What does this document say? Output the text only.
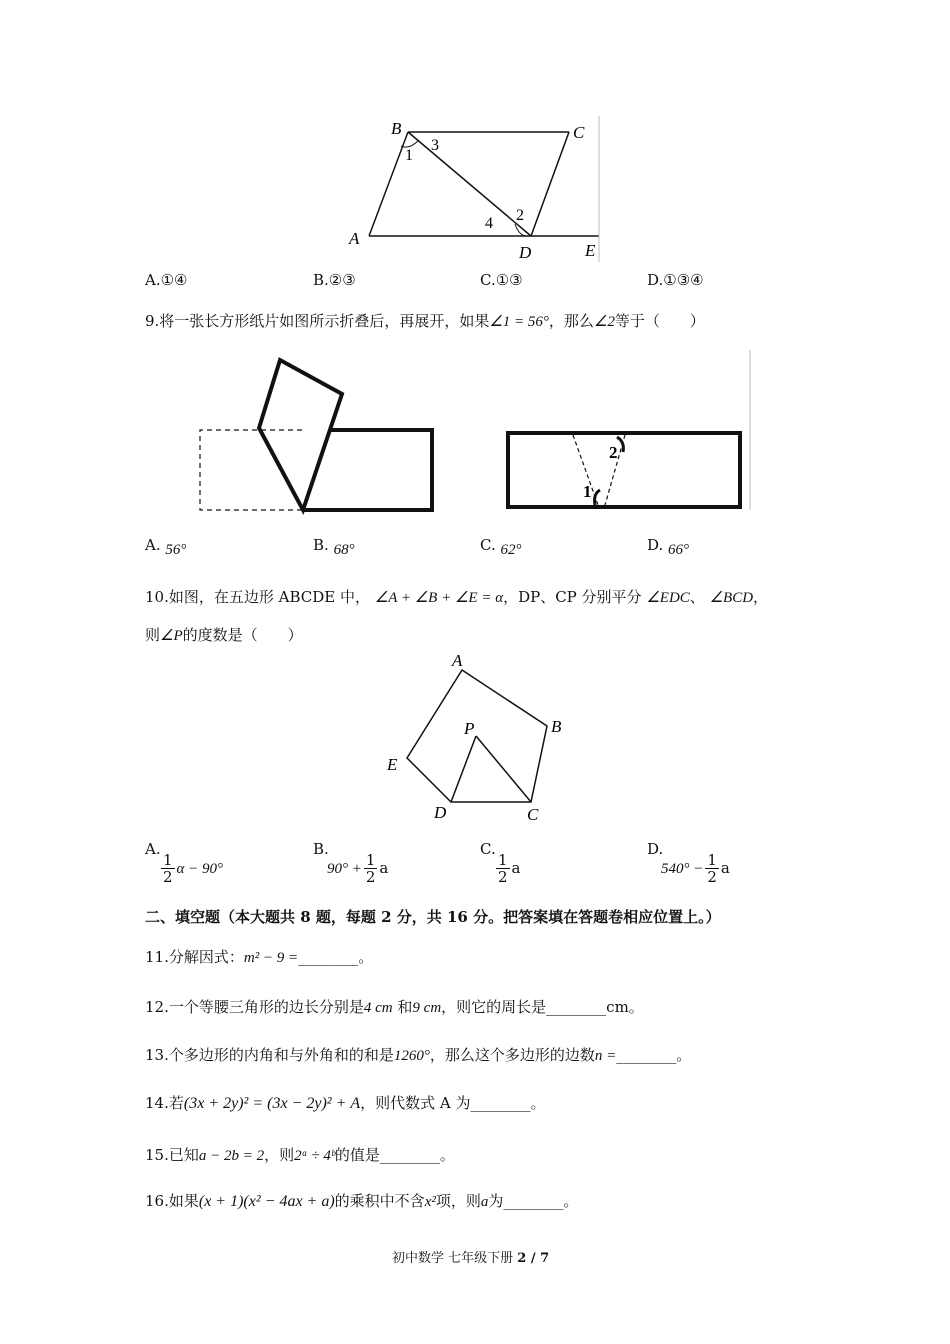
B	C
A
D	E
1
3
4 2
A.①④	B.②③	C.①③	D.①③④
9.将一张长方形纸片如图所示折叠后，再展开，如果∠1 = 56°，那么∠2等于（　　）
1
2
A. 56°	B. 68°	C. 62°	D. 66°
10.如图，在五边形 ABCDE 中， ∠A + ∠B + ∠E = α，DP、CP 分别平分 ∠EDC、 ∠BCD，
则∠P的度数是（　　）
A
B
C
D
E
P
A.

$\frac{1}{2}$ α − 90°
B.
$90^\circ + \frac{1}{2}$ a
C.

$\frac{1}{2}$ a
D.
$540^\circ - \frac{1}{2}$ a
二、填空题（本大题共 8 题，每题 2 分，共 16 分。把答案填在答题卷相应位置上。）
11.分解因式：m² − 9 =________。
12.一个等腰三角形的边长分别是4 cm 和9 cm，则它的周长是________cm。
13.个多边形的内角和与外角和的和是1260°，那么这个多边形的边数n =________。
14.若(3x + 2y)² = (3x − 2y)² + A，则代数式 A 为________。
15.已知a − 2b = 2，则2ᵃ ÷ 4ᵇ的值是________。
16.如果(x + 1)(x² − 4ax + a)的乘积中不含x²项，则a为________。
初中数学 七年级下册 2 / 7
